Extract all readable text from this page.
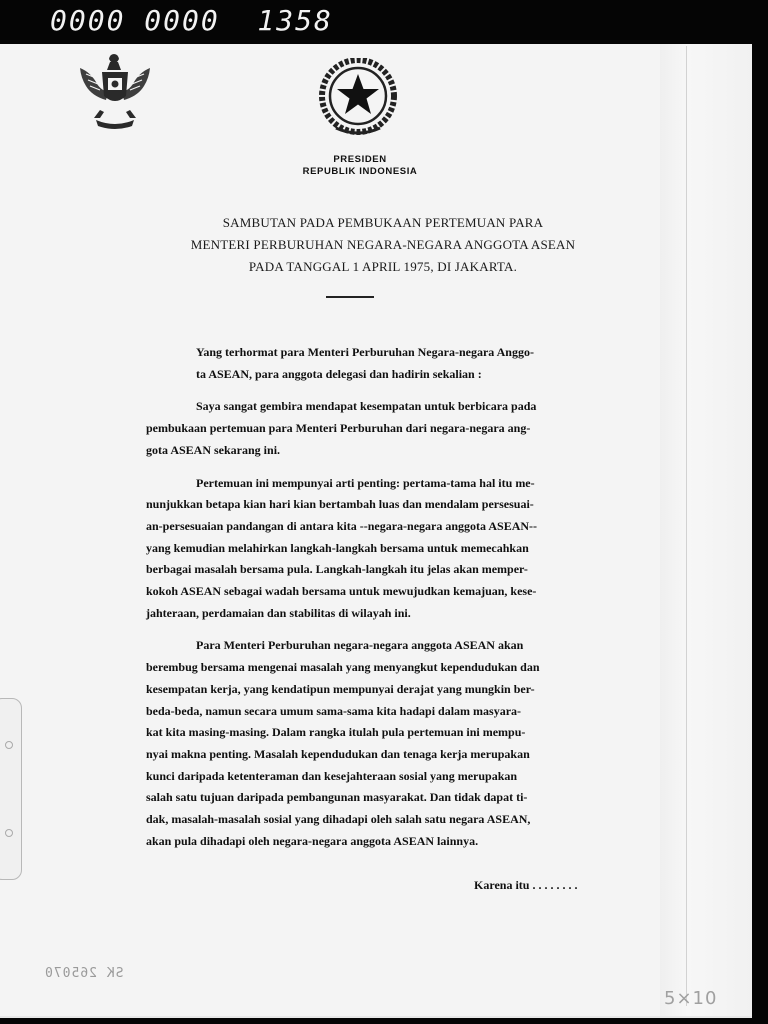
0000 0000  1358
PRESIDEN
REPUBLIK INDONESIA
SAMBUTAN PADA PEMBUKAAN PERTEMUAN PARA
MENTERI PERBURUHAN NEGARA-NEGARA ANGGOTA ASEAN
PADA TANGGAL 1 APRIL 1975, DI JAKARTA.
Yang terhormat para Menteri Perburuhan Negara-negara Anggo-
ta ASEAN, para anggota delegasi dan hadirin sekalian :
Saya sangat gembira mendapat kesempatan untuk berbicara pada
pembukaan pertemuan para Menteri Perburuhan dari negara-negara ang-
gota ASEAN sekarang ini.
Pertemuan ini mempunyai arti penting: pertama-tama hal itu me-
nunjukkan betapa kian hari kian bertambah luas dan mendalam persesuai-
an-persesuaian pandangan di antara kita --negara-negara anggota ASEAN--
yang kemudian melahirkan langkah-langkah bersama untuk memecahkan
berbagai masalah bersama pula. Langkah-langkah itu jelas akan memper-
kokoh ASEAN sebagai wadah bersama untuk mewujudkan kemajuan, kese-
jahteraan, perdamaian dan stabilitas di wilayah ini.
Para Menteri Perburuhan negara-negara anggota ASEAN akan
berembug bersama mengenai masalah yang menyangkut kependudukan dan
kesempatan kerja, yang kendatipun mempunyai derajat yang mungkin ber-
beda-beda, namun secara umum sama-sama kita hadapi dalam masyara-
kat kita masing-masing. Dalam rangka itulah pula pertemuan ini mempu-
nyai makna penting. Masalah kependudukan dan tenaga kerja merupakan
kunci daripada ketenteraman dan kesejahteraan sosial yang merupakan
salah satu tujuan daripada pembangunan masyarakat. Dan tidak dapat ti-
dak, masalah-masalah sosial yang dihadapi oleh salah satu negara ASEAN,
akan pula dihadapi oleh negara-negara anggota ASEAN lainnya.
Karena itu . . . . . . . .
SK 265070
5×10
